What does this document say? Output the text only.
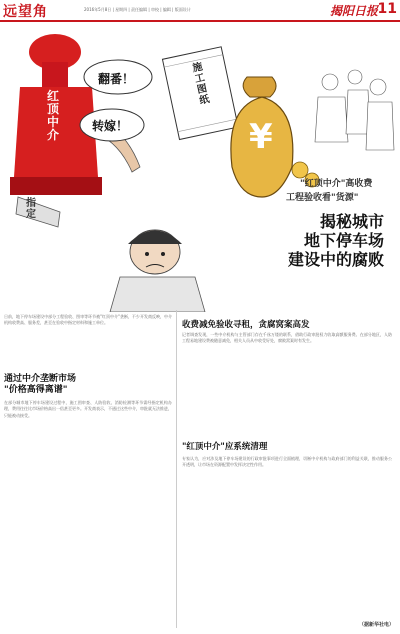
远望角	2016年5月8日 | 星期四 | 责任编辑 | 审校 | 编辑 | 版面设计	揭阳日报 11
翻番！
转嫁！
红顶中介
施工图纸
指定
¥
"红顶中介"高收费
工程验收看"货源"
揭秘城市
地下停车场
建设中的腐败
日前，地下停车场建设中部分工程验收、图审等环节被"红顶中介"垄断，不少开发商反映，中介机构收费高、服务差，甚至在验收中指定材料和施工单位。
通过中介垄断市场
"价格高得离谱"
在部分城市地下停车场建设过程中，施工图审查、人防验收、消防检测等环节需经指定机构办理，费用往往比市场价格高出一倍甚至更多。开发商表示，不通过这些中介，审批就无法推进，只能被动接受。
收费减免验收寻租，贪腐窝案高发
记者调查发现，一些中介机构与主管部门存在千丝万缕的联系，借助行政审批权力收取高额服务费。在部分地区，人防工程易地建设费被随意减免，相关人员从中收受好处，腐败窝案时有发生。
"红顶中介"应系统清理
专家认为，应对涉及地下停车场建设的行政审批事项进行全面梳理，切断中介机构与政府部门的利益关联，推动服务公开透明，让市场在资源配置中发挥决定性作用。
（据新华社电）
